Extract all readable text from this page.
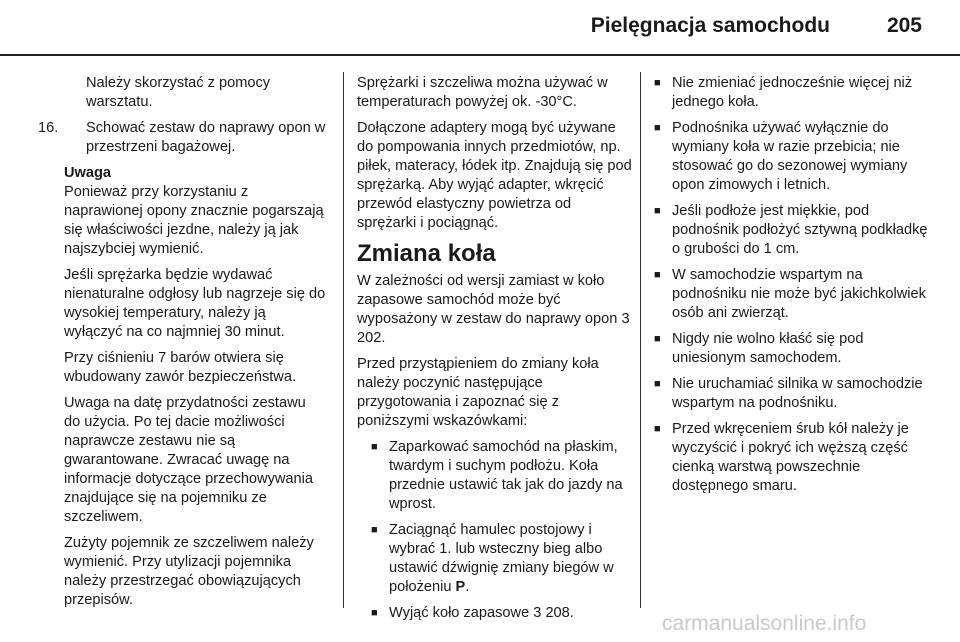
Pielęgnacja samochodu	205

Należy skorzystać z pomocy warsztatu.

16.	Schować zestaw do naprawy opon w przestrzeni bagażowej.

Uwaga

Ponieważ przy korzystaniu z naprawionej opony znacznie pogarszają się właściwości jezdne, należy ją jak najszybciej wymienić.

Jeśli sprężarka będzie wydawać nienaturalne odgłosy lub nagrzeje się do wysokiej temperatury, należy ją wyłączyć na co najmniej 30 minut.

Przy ciśnieniu 7 barów otwiera się wbudowany zawór bezpieczeństwa.

Uwaga na datę przydatności zestawu do użycia. Po tej dacie możliwości naprawcze zestawu nie są gwarantowane. Zwracać uwagę na informacje dotyczące przechowywania znajdujące się na pojemniku ze szczeliwem.

Zużyty pojemnik ze szczeliwem należy wymienić. Przy utylizacji pojemnika należy przestrzegać obowiązujących przepisów.

Sprężarki i szczeliwa można używać w temperaturach powyżej ok. -30°C.

Dołączone adaptery mogą być używane do pompowania innych przedmiotów, np. piłek, materacy, łódek itp. Znajdują się pod sprężarką. Aby wyjąć adapter, wkręcić przewód elastyczny powietrza od sprężarki i pociągnąć.

Zmiana koła

W zależności od wersji zamiast w koło zapasowe samochód może być wyposażony w zestaw do naprawy opon 3 202.

Przed przystąpieniem do zmiany koła należy poczynić następujące przygotowania i zapoznać się z poniższymi wskazówkami:

■ Zaparkować samochód na płaskim, twardym i suchym podłożu. Koła przednie ustawić tak jak do jazdy na wprost.
■ Zaciągnąć hamulec postojowy i wybrać 1. lub wsteczny bieg albo ustawić dźwignię zmiany biegów w położeniu P.
■ Wyjąć koło zapasowe 3 208.
■ Nie zmieniać jednocześnie więcej niż jednego koła.
■ Podnośnika używać wyłącznie do wymiany koła w razie przebicia; nie stosować go do sezonowej wymiany opon zimowych i letnich.
■ Jeśli podłoże jest miękkie, pod podnośnik podłożyć sztywną podkładkę o grubości do 1 cm.
■ W samochodzie wspartym na podnośniku nie może być jakichkolwiek osób ani zwierząt.
■ Nigdy nie wolno kłaść się pod uniesionym samochodem.
■ Nie uruchamiać silnika w samochodzie wspartym na podnośniku.
■ Przed wkręceniem śrub kół należy je wyczyścić i pokryć ich węższą część cienką warstwą powszechnie dostępnego smaru.
carmanualsonline.info
